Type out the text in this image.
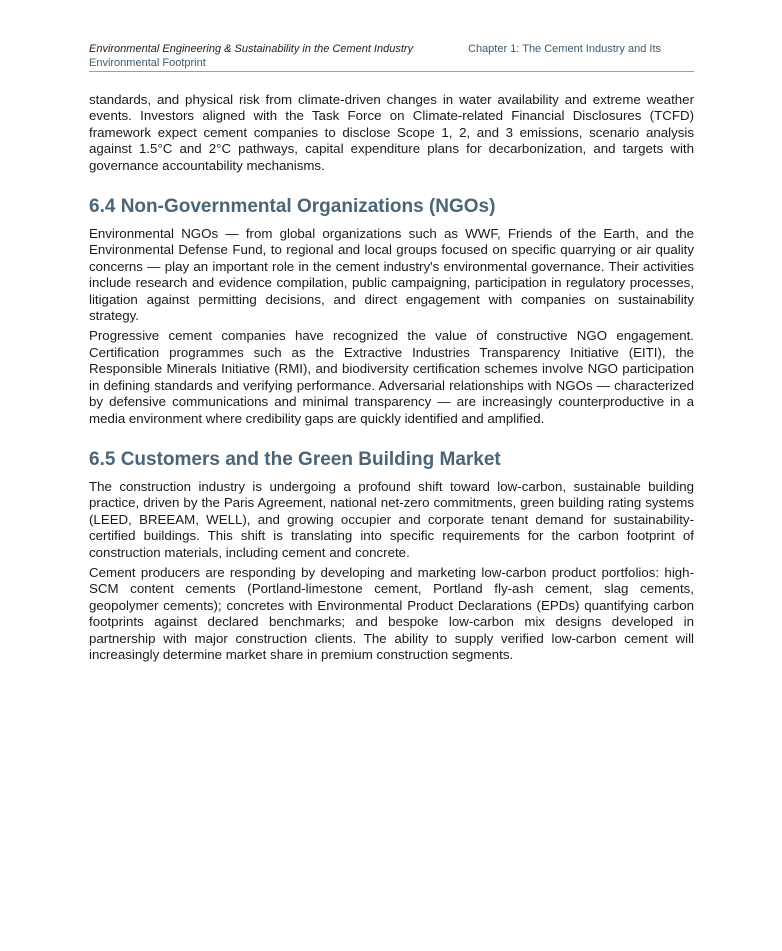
Environmental Engineering & Sustainability in the Cement Industry	Chapter 1: The Cement Industry and Its
Environmental Footprint

standards, and physical risk from climate-driven changes in water availability and extreme weather events. Investors aligned with the Task Force on Climate-related Financial Disclosures (TCFD) framework expect cement companies to disclose Scope 1, 2, and 3 emissions, scenario analysis against 1.5°C and 2°C pathways, capital expenditure plans for decarbonization, and targets with governance accountability mechanisms.

6.4 Non-Governmental Organizations (NGOs)

Environmental NGOs — from global organizations such as WWF, Friends of the Earth, and the Environmental Defense Fund, to regional and local groups focused on specific quarrying or air quality concerns — play an important role in the cement industry's environmental governance. Their activities include research and evidence compilation, public campaigning, participation in regulatory processes, litigation against permitting decisions, and direct engagement with companies on sustainability strategy.

Progressive cement companies have recognized the value of constructive NGO engagement. Certification programmes such as the Extractive Industries Transparency Initiative (EITI), the Responsible Minerals Initiative (RMI), and biodiversity certification schemes involve NGO participation in defining standards and verifying performance. Adversarial relationships with NGOs — characterized by defensive communications and minimal transparency — are increasingly counterproductive in a media environment where credibility gaps are quickly identified and amplified.

6.5 Customers and the Green Building Market

The construction industry is undergoing a profound shift toward low-carbon, sustainable building practice, driven by the Paris Agreement, national net-zero commitments, green building rating systems (LEED, BREEAM, WELL), and growing occupier and corporate tenant demand for sustainability-certified buildings. This shift is translating into specific requirements for the carbon footprint of construction materials, including cement and concrete.

Cement producers are responding by developing and marketing low-carbon product portfolios: high-SCM content cements (Portland-limestone cement, Portland fly-ash cement, slag cements, geopolymer cements); concretes with Environmental Product Declarations (EPDs) quantifying carbon footprints against declared benchmarks; and bespoke low-carbon mix designs developed in partnership with major construction clients. The ability to supply verified low-carbon cement will increasingly determine market share in premium construction segments.
